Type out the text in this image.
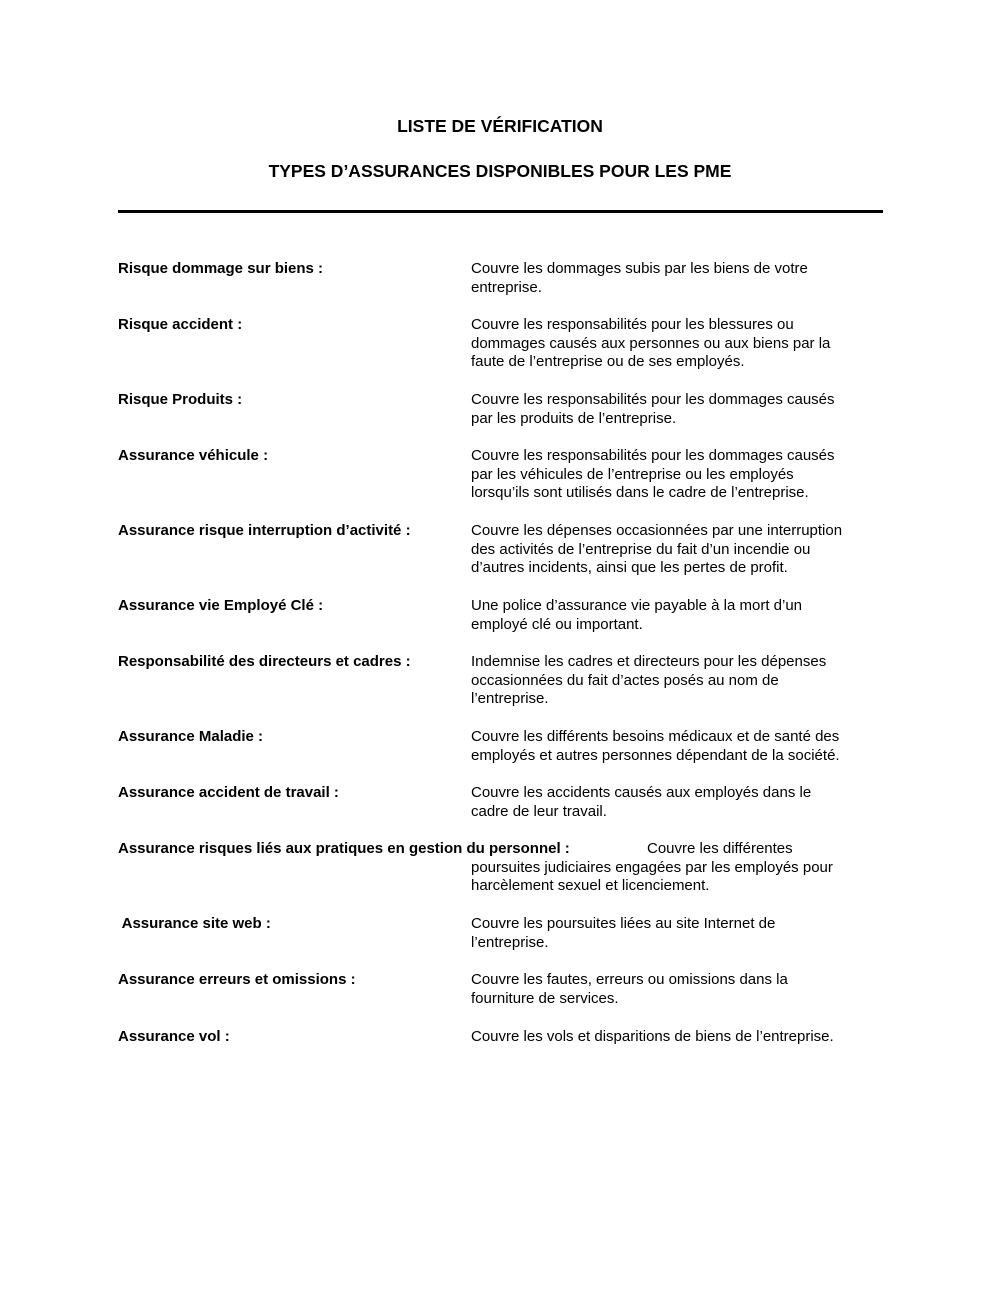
LISTE DE VÉRIFICATION
TYPES D’ASSURANCES DISPONIBLES POUR LES PME
Risque dommage sur biens :	Couvre les dommages subis par les biens de votre
entreprise.
Risque accident :	Couvre les responsabilités pour les blessures ou
dommages causés aux personnes ou aux biens par la
faute de l’entreprise ou de ses employés.
Risque Produits :	Couvre les responsabilités pour les dommages causés
par les produits de l’entreprise.
Assurance véhicule :	Couvre les responsabilités pour les dommages causés
par les véhicules de l’entreprise ou les employés
lorsqu’ils sont utilisés dans le cadre de l’entreprise.
Assurance risque interruption d’activité :	Couvre les dépenses occasionnées par une interruption
des activités de l’entreprise du fait d’un incendie ou
d’autres incidents, ainsi que les pertes de profit.
Assurance vie Employé Clé :	Une police d’assurance vie payable à la mort d’un
employé clé ou important.
Responsabilité des directeurs et cadres :	Indemnise les cadres et directeurs pour les dépenses
occasionnées du fait d’actes posés au nom de
l’entreprise.
Assurance Maladie :	Couvre les différents besoins médicaux et de santé des
employés et autres personnes dépendant de la société.
Assurance accident de travail :	Couvre les accidents causés aux employés dans le
cadre de leur travail.
Assurance risques liés aux pratiques en gestion du personnel :	Couvre les différentes
poursuites judiciaires engagées par les employés pour
harcèlement sexuel et licenciement.
Assurance site web :	Couvre les poursuites liées au site Internet de
l’entreprise.
Assurance erreurs et omissions :	Couvre les fautes, erreurs ou omissions dans la
fourniture de services.
Assurance vol :	Couvre les vols et disparitions de biens de l’entreprise.
